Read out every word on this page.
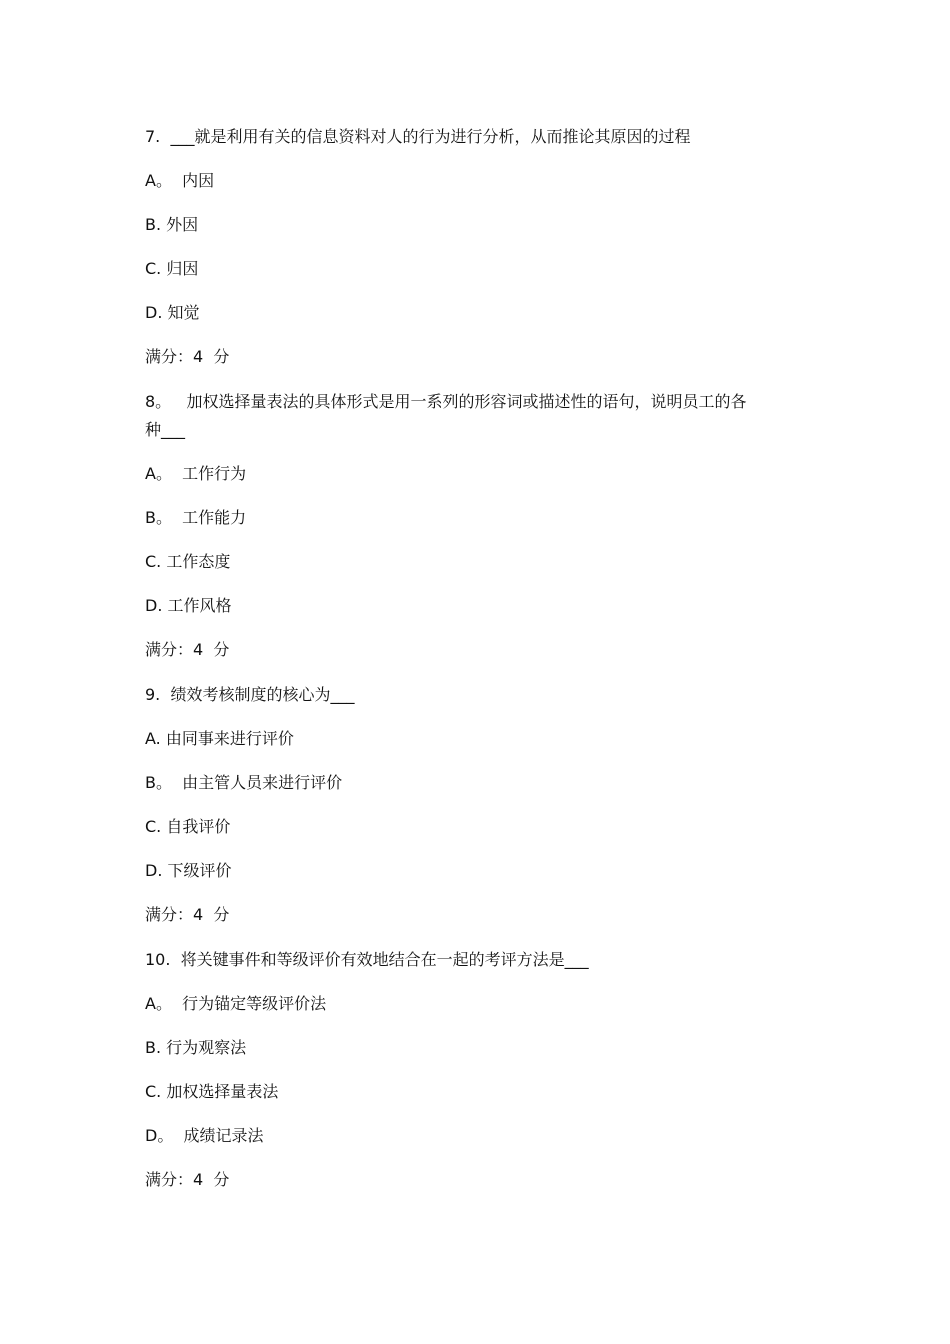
7.  ___就是利用有关的信息资料对人的行为进行分析，从而推论其原因的过程
A。  内因
B. 外因
C. 归因
D. 知觉
满分：4  分
8。   加权选择量表法的具体形式是用一系列的形容词或描述性的语句，说明员工的各
种___
A。  工作行为
B。  工作能力
C. 工作态度
D. 工作风格
满分：4  分
9.  绩效考核制度的核心为___
A. 由同事来进行评价
B。  由主管人员来进行评价
C. 自我评价
D. 下级评价
满分：4  分
10.  将关键事件和等级评价有效地结合在一起的考评方法是___
A。  行为锚定等级评价法
B. 行为观察法
C. 加权选择量表法
D。  成绩记录法
满分：4  分
